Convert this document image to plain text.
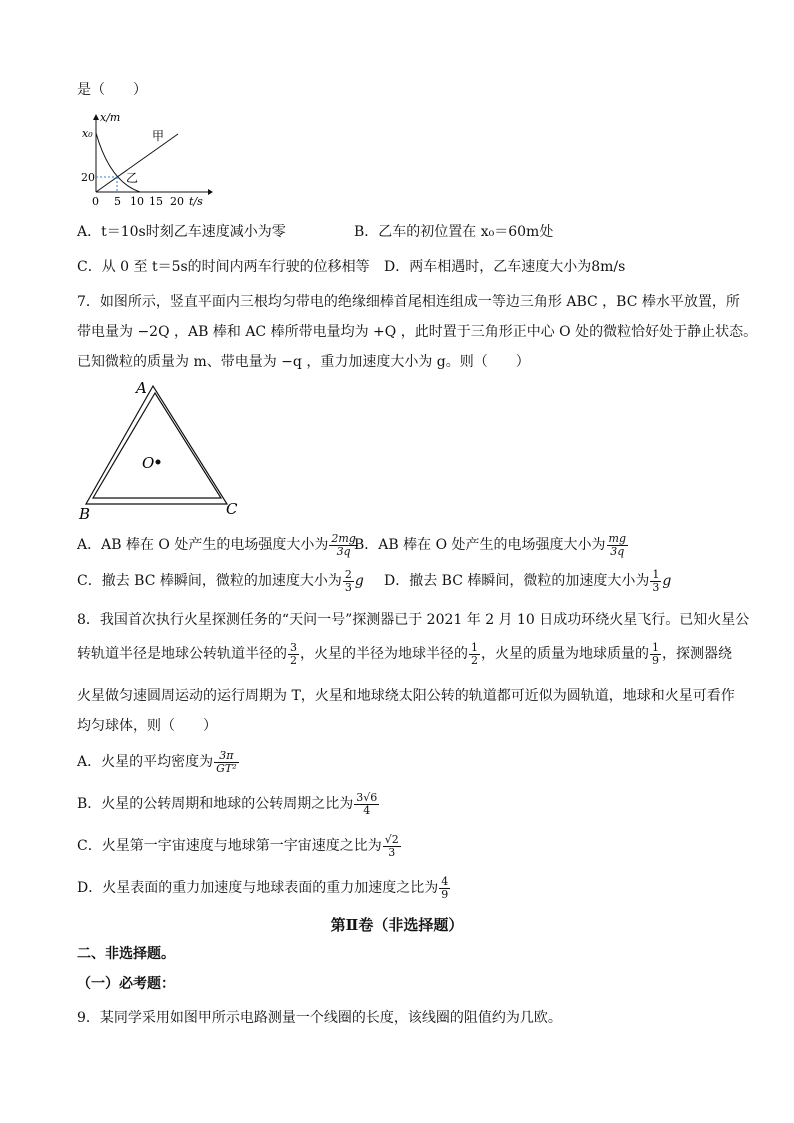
是（　　）
x/m
x₀
20
0 5 10 15 20 t/s
甲
乙
A．t＝10s时刻乙车速度减小为零	B．乙车的初位置在 x₀＝60m处
C．从 0 至 t＝5s的时间内两车行驶的位移相等 D．两车相遇时，乙车速度大小为8m/s
7．如图所示，竖直平面内三根均匀带电的绝缘细棒首尾相连组成一等边三角形 ABC ，BC 棒水平放置，所
带电量为 −2Q ，AB 棒和 AC 棒所带电量均为 +Q ，此时置于三角形正中心 O 处的微粒恰好处于静止状态。
已知微粒的质量为 m、带电量为 −q ，重力加速度大小为 g。则（　　）
A
B	C
O
A．AB 棒在 O 处产生的电场强度大小为 $\frac{2mg}{3q}$
B．AB 棒在 O 处产生的电场强度大小为 $\frac{mg}{3q}$
C．撤去 BC 棒瞬间，微粒的加速度大小为 $\frac{2}{3}$ g D．撤去 BC 棒瞬间，微粒的加速度大小为 $\frac{1}{3}$ g
8．我国首次执行火星探测任务的“天问一号”探测器已于 2021 年 2 月 10 日成功环绕火星飞行。已知火星公
转轨道半径是地球公转轨道半径的 $\frac{3}{2}$ ，火星的半径为地球半径的 $\frac{1}{2}$ ，火星的质量为地球质量的 $\frac{1}{9}$ ，探测器绕
火星做匀速圆周运动的运行周期为 T，火星和地球绕太阳公转的轨道都可近似为圆轨道，地球和火星可看作
均匀球体，则（　　）
A．火星的平均密度为 $\frac{3\pi}{\text{GT²}}$
B．火星的公转周期和地球的公转周期之比为 $\frac{3√6}{4}$
C．火星第一宇宙速度与地球第一宇宙速度之比为 $\frac{√2}{3}$
D．火星表面的重力加速度与地球表面的重力加速度之比为 $\frac{4}{9}$
第Ⅱ卷（非选择题）
二、非选择题。
（一）必考题：
9．某同学采用如图甲所示电路测量一个线圈的长度，该线圈的阻值约为几欧。
